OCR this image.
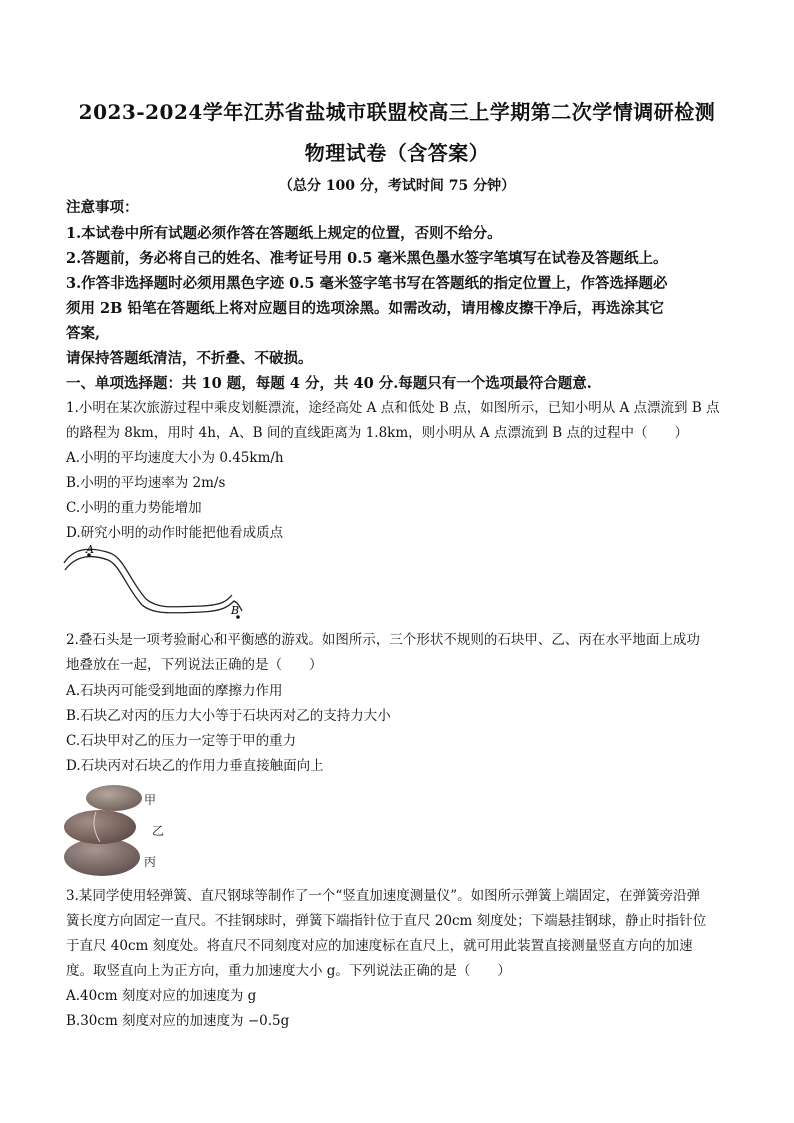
2023-2024学年江苏省盐城市联盟校高三上学期第二次学情调研检测
物理试卷（含答案）
（总分 100 分，考试时间 75 分钟）
注意事项：
1.本试卷中所有试题必须作答在答题纸上规定的位置，否则不给分。
2.答题前，务必将自己的姓名、准考证号用 0.5 毫米黑色墨水签字笔填写在试卷及答题纸上。
3.作答非选择题时必须用黑色字迹 0.5 毫米签字笔书写在答题纸的指定位置上，作答选择题必
须用 2B 铅笔在答题纸上将对应题目的选项涂黑。如需改动，请用橡皮擦干净后，再选涂其它
答案,
请保持答题纸清洁，不折叠、不破损。
一、单项选择题：共 10 题，每题 4 分，共 40 分.每题只有一个选项最符合题意.
1.小明在某次旅游过程中乘皮划艇漂流，途经高处 A 点和低处 B 点，如图所示，已知小明从 A 点漂流到 B 点
的路程为 8km，用时 4h，A、B 间的直线距离为 1.8km，则小明从 A 点漂流到 B 点的过程中（　　）
A.小明的平均速度大小为 0.45km/h
B.小明的平均速率为 2m/s
C.小明的重力势能增加
D.研究小明的动作时能把他看成质点
A
B
2.叠石头是一项考验耐心和平衡感的游戏。如图所示，三个形状不规则的石块甲、乙、丙在水平地面上成功
地叠放在一起，下列说法正确的是（　　）
A.石块丙可能受到地面的摩擦力作用
B.石块乙对丙的压力大小等于石块丙对乙的支持力大小
C.石块甲对乙的压力一定等于甲的重力
D.石块丙对石块乙的作用力垂直接触面向上
甲
乙
丙
3.某同学使用轻弹簧、直尺钢球等制作了一个“竖直加速度测量仪”。如图所示弹簧上端固定，在弹簧旁沿弹
簧长度方向固定一直尺。不挂钢球时，弹簧下端指针位于直尺 20cm 刻度处；下端悬挂钢球，静止时指针位
于直尺 40cm 刻度处。将直尺不同刻度对应的加速度标在直尺上，就可用此装置直接测量竖直方向的加速
度。取竖直向上为正方向，重力加速度大小 g。下列说法正确的是（　　）
A.40cm 刻度对应的加速度为 g
B.30cm 刻度对应的加速度为 −0.5g
